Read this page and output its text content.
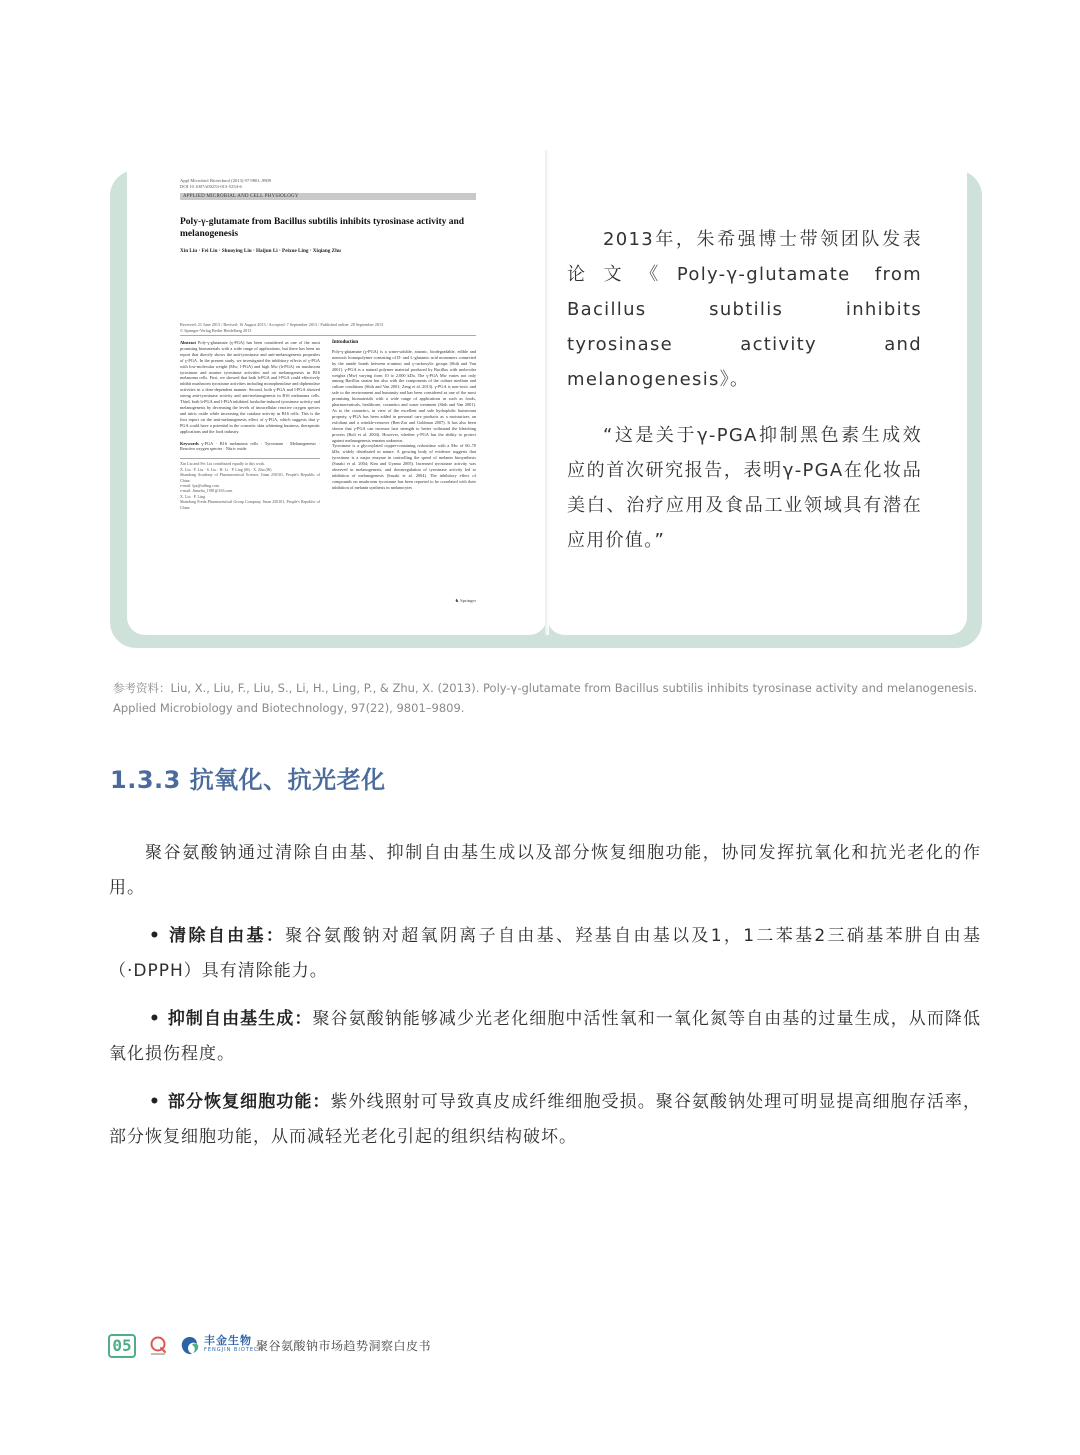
Appl Microbiol Biotechnol (2013) 97:9801–9809
DOI 10.1007/s00253-013-5254-6
APPLIED MICROBIAL AND CELL PHYSIOLOGY
Poly-γ-glutamate from Bacillus subtilis inhibits tyrosinase activity and melanogenesis
Xin Liu · Fei Liu · Shuoying Liu · Haijun Li · Peixue Ling · Xiqiang Zhu
Received: 21 June 2013 / Revised: 16 August 2013 / Accepted: 7 September 2013 / Published online: 28 September 2013
© Springer-Verlag Berlin Heidelberg 2013
Abstract Poly-γ-glutamate (γ-PGA) has been considered as one of the most promising biomaterials with a wide range of applications, but there has been no report that directly shows the anti-tyrosinase and anti-melanogenesis properties of γ-PGA. In the present study, we investigated the inhibitory effects of γ-PGA with low-molecular weight (Mw; l-PGA) and high Mw (h-PGA) on mushroom tyrosinase and murine tyrosinase activities and on melanogenesis in B16 melanoma cells. First, we showed that both h-PGA and l-PGA could effectively inhibit mushroom tyrosinase activities including monophenolase and diphenolase activities in a dose-dependent manner. Second, both γ-PGA and l-PGA showed strong anti-tyrosinase activity and anti-melanogenesis in B16 melanoma cells. Third, both h-PGA and l-PGA inhibited forskolin-induced tyrosinase activity and melanogenesis by decreasing the levels of intracellular reactive oxygen species and nitric oxide while increasing the catalase activity in B16 cells. This is the first report on the anti-melanogenesis effect of γ-PGA, which suggests that γ-PGA could have a potential in the cosmetic skin whitening business, therapeutic applications and the food industry.
Keywords γ-PGA · B16 melanoma cells · Tyrosinase · Melanogenesis · Reactive oxygen species · Nitric oxide
Xin Liu and Fei Liu contributed equally to this work.
X. Liu · F. Liu · S. Liu · H. Li · P. Ling (✉) · X. Zhu (✉)
Shandong Academy of Pharmaceutical Science, Jinan 250101, People's Republic of China
e-mail: lpx@sdfmg.com
e-mail: Jinnzhu_1981@163.com
X. Liu · P. Ling
Shandong Freda Pharmaceutical Group Company, Jinan 250101, People's Republic of China
Introduction
Poly-γ-glutamate (γ-PGA) is a water-soluble, anionic, biodegradable, edible and nontoxic homopolymer consisting of D- and L-glutamic acid monomers connected by the amide bonds between α-amino and γ-carboxylic groups (Shih and Van 2001). γ-PGA is a natural polymer material produced by Bacillus with molecular weights (Mw) varying from 10 to 2,000 kDa. The γ-PGA Mw varies not only among Bacillus strains but also with the components of the culture medium and culture conditions (Shih and Van 2001; Zeng et al. 2013). γ-PGA is non-toxic and safe to the environment and humanity and has been considered as one of the most promising biomaterials with a wide range of applications in such as foods, pharmaceuticals, healthcare, cosmetics and water treatment (Shih and Van 2001). As to the cosmetics, in view of the excellent and safe hydrophilic humectant property, γ-PGA has been added in personal care products as a moisturizer, an exfoliant and a wrinkle-remover (Ben-Zur and Goldman 2007). It has also been shown that γ-PGA can increase hair strength to better withstand the bleaching process (Bolt et al. 2004). However, whether γ-PGA has the ability to protect against melanogenesis remains unknown.
Tyrosinase is a glycosylated copper-containing redoxidase with a Mw of 60–70 kDa, widely distributed in nature. A growing body of evidence suggests that tyrosinase is a major enzyme in controlling the speed of melanin biosynthesis (Sasaki et al. 2004; Kim and Uyama 2005). Increased tyrosinase activity was observed in melanogenesis, and downregulation of tyrosinase activity led to inhibition of melanogenesis (Sasaki et al. 2004). The inhibitory effect of compounds on mushroom tyrosinase has been reported to be correlated with their inhibition of melanin synthesis in melanocytes
♞ Springer

2013年，朱希强博士带领团队发表论文《Poly-γ-glutamate from Bacillus subtilis inhibits tyrosinase activity and melanogenesis》。

“这是关于γ-PGA抑制黑色素生成效应的首次研究报告，表明γ-PGA在化妆品美白、治疗应用及食品工业领域具有潜在应用价值。”

参考资料：Liu, X., Liu, F., Liu, S., Li, H., Ling, P., & Zhu, X. (2013). Poly-γ-glutamate from Bacillus subtilis inhibits tyrosinase activity and melanogenesis. Applied Microbiology and Biotechnology, 97(22), 9801–9809.
1.3.3 抗氧化、抗光老化

聚谷氨酸钠通过清除自由基、抑制自由基生成以及部分恢复细胞功能，协同发挥抗氧化和抗光老化的作用。

• 清除自由基：聚谷氨酸钠对超氧阴离子自由基、羟基自由基以及1，1二苯基2三硝基苯肼自由基（·DPPH）具有清除能力。

• 抑制自由基生成：聚谷氨酸钠能够减少光老化细胞中活性氧和一氧化氮等自由基的过量生成，从而降低氧化损伤程度。

• 部分恢复细胞功能：紫外线照射可导致真皮成纤维细胞受损。聚谷氨酸钠处理可明显提高细胞存活率，部分恢复细胞功能，从而减轻光老化引起的组织结构破坏。

05	丰金生物
FENGJIN BIOTECH
聚谷氨酸钠市场趋势洞察白皮书
